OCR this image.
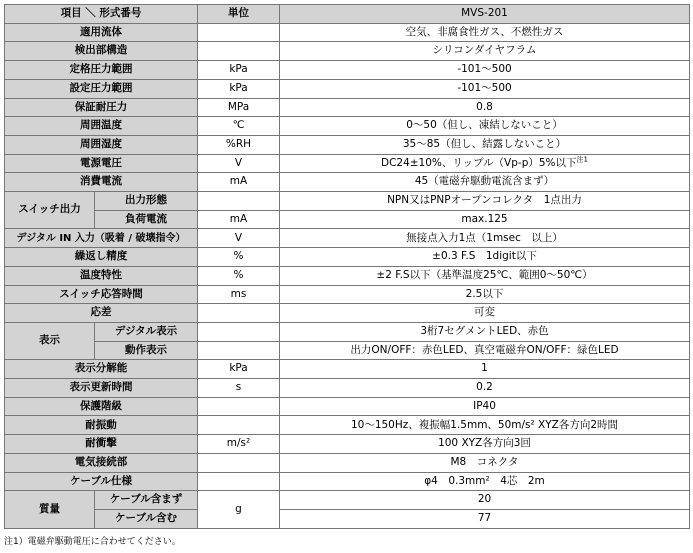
項目 ＼ 形式番号		単位	MVS-201
適用流体			空気、非腐食性ガス、不燃性ガス
検出部構造			シリコンダイヤフラム
定格圧力範囲		kPa	-101～500
設定圧力範囲		kPa	-101～500
保証耐圧力		MPa	0.8
周囲温度		℃	0～50（但し、凍結しないこと）
周囲湿度		%RH	35～85（但し、結露しないこと）
電源電圧		V	DC24±10%、リップル（Vp-p）5%以下$^{注1}$
消費電流		mA	45（電磁弁駆動電流含まず）
スイッチ出力	出力形態		NPN又はPNPオープンコレクタ　1点出力
	負荷電流	mA	max.125
デジタル IN 入力（吸着 / 破壊指令）		V	無接点入力1点（1msec　以上）
繰返し精度		%	±0.3 F.S　1digit以下
温度特性		%	±2 F.S以下（基準温度25℃、範囲0～50℃）
スイッチ応答時間		ms	2.5以下
応差			可変
表示	デジタル表示		3桁7セグメントLED、赤色
	動作表示		出力ON/OFF：赤色LED、真空電磁弁ON/OFF：緑色LED
表示分解能		kPa	1
表示更新時間		s	0.2
保護階級			IP40
耐振動			10～150Hz、複振幅1.5mm、50m/s² XYZ各方向2時間
耐衝撃		m/s²	100 XYZ各方向3回
電気接続部			M8　コネクタ
ケーブル仕様			φ4　0.3mm²　4芯　2m
質量	ケーブル含まず	g	20
	ケーブル含む		77
注1）電磁弁駆動電圧に合わせてください。
